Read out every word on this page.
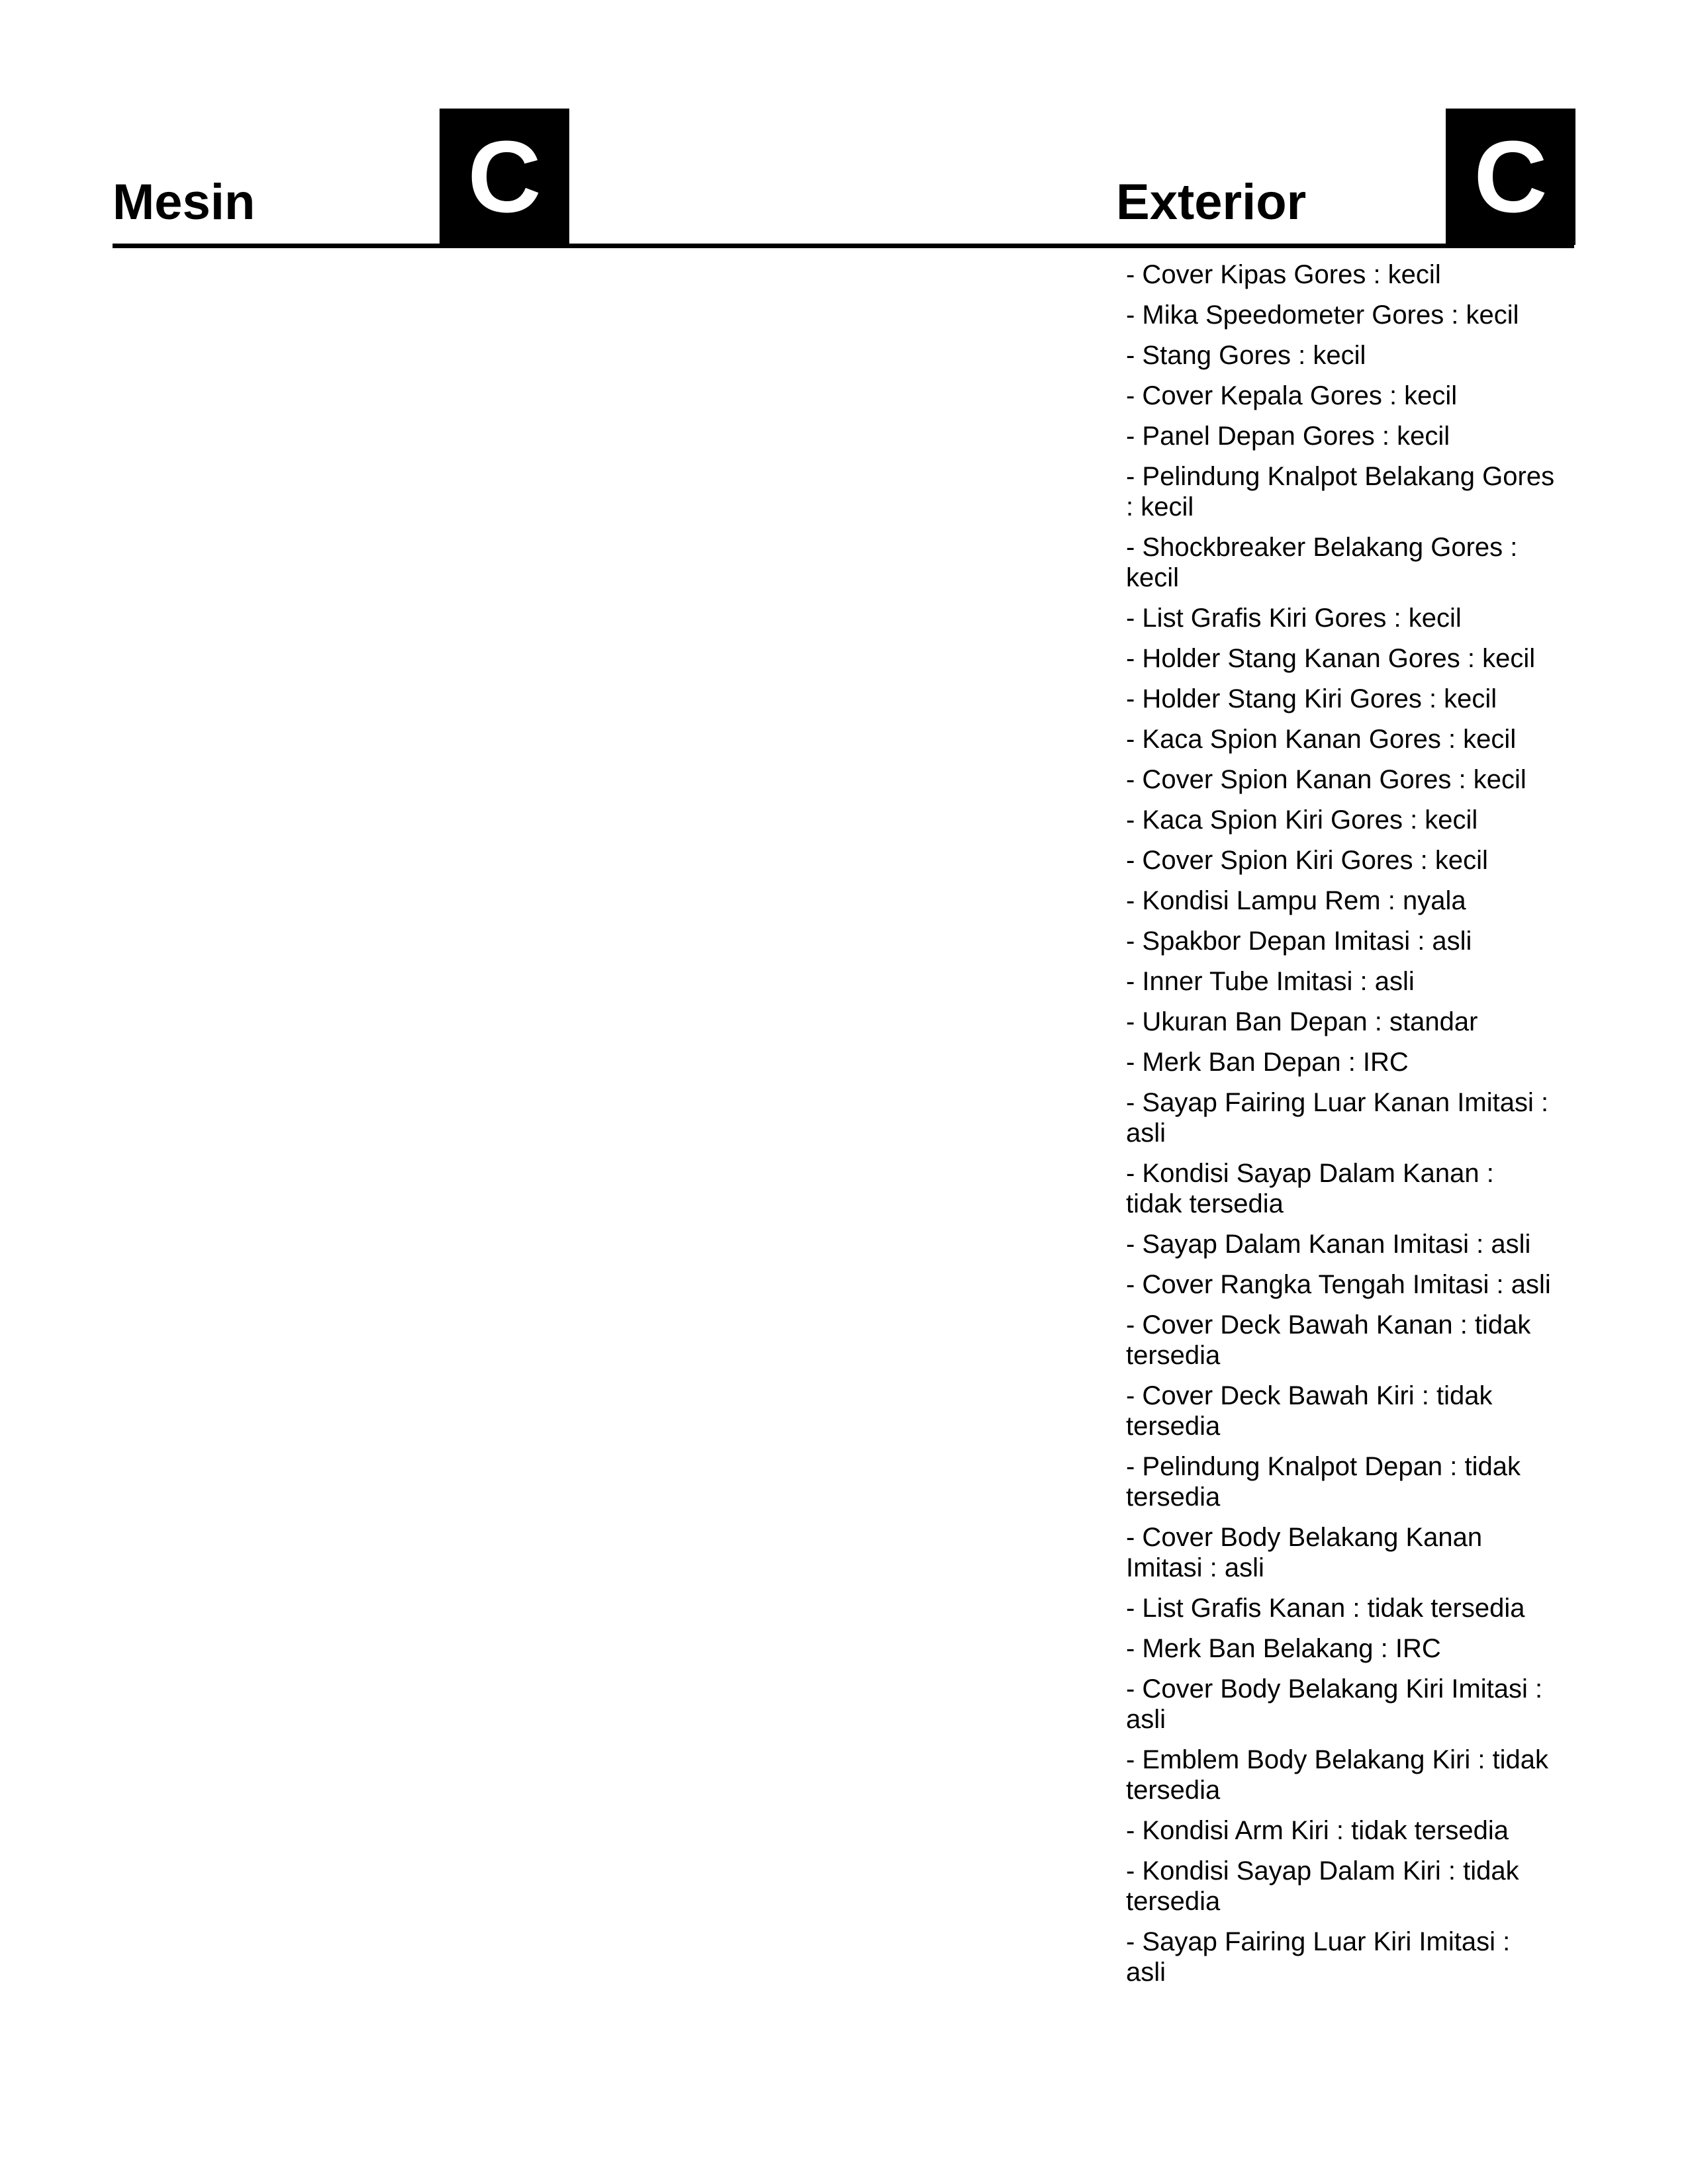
Mesin C	Exterior C
- Cover Kipas Gores : kecil
- Mika Speedometer Gores : kecil
- Stang Gores : kecil
- Cover Kepala Gores : kecil
- Panel Depan Gores : kecil
- Pelindung Knalpot Belakang Gores : kecil
- Shockbreaker Belakang Gores : kecil
- List Grafis Kiri Gores : kecil
- Holder Stang Kanan Gores : kecil
- Holder Stang Kiri Gores : kecil
- Kaca Spion Kanan Gores : kecil
- Cover Spion Kanan Gores : kecil
- Kaca Spion Kiri Gores : kecil
- Cover Spion Kiri Gores : kecil
- Kondisi Lampu Rem : nyala
- Spakbor Depan Imitasi : asli
- Inner Tube Imitasi : asli
- Ukuran Ban Depan : standar
- Merk Ban Depan : IRC
- Sayap Fairing Luar Kanan Imitasi : asli
- Kondisi Sayap Dalam Kanan : tidak tersedia
- Sayap Dalam Kanan Imitasi : asli
- Cover Rangka Tengah Imitasi : asli
- Cover Deck Bawah Kanan : tidak tersedia
- Cover Deck Bawah Kiri : tidak tersedia
- Pelindung Knalpot Depan : tidak tersedia
- Cover Body Belakang Kanan Imitasi : asli
- List Grafis Kanan : tidak tersedia
- Merk Ban Belakang : IRC
- Cover Body Belakang Kiri Imitasi : asli
- Emblem Body Belakang Kiri : tidak tersedia
- Kondisi Arm Kiri : tidak tersedia
- Kondisi Sayap Dalam Kiri : tidak tersedia
- Sayap Fairing Luar Kiri Imitasi : asli
